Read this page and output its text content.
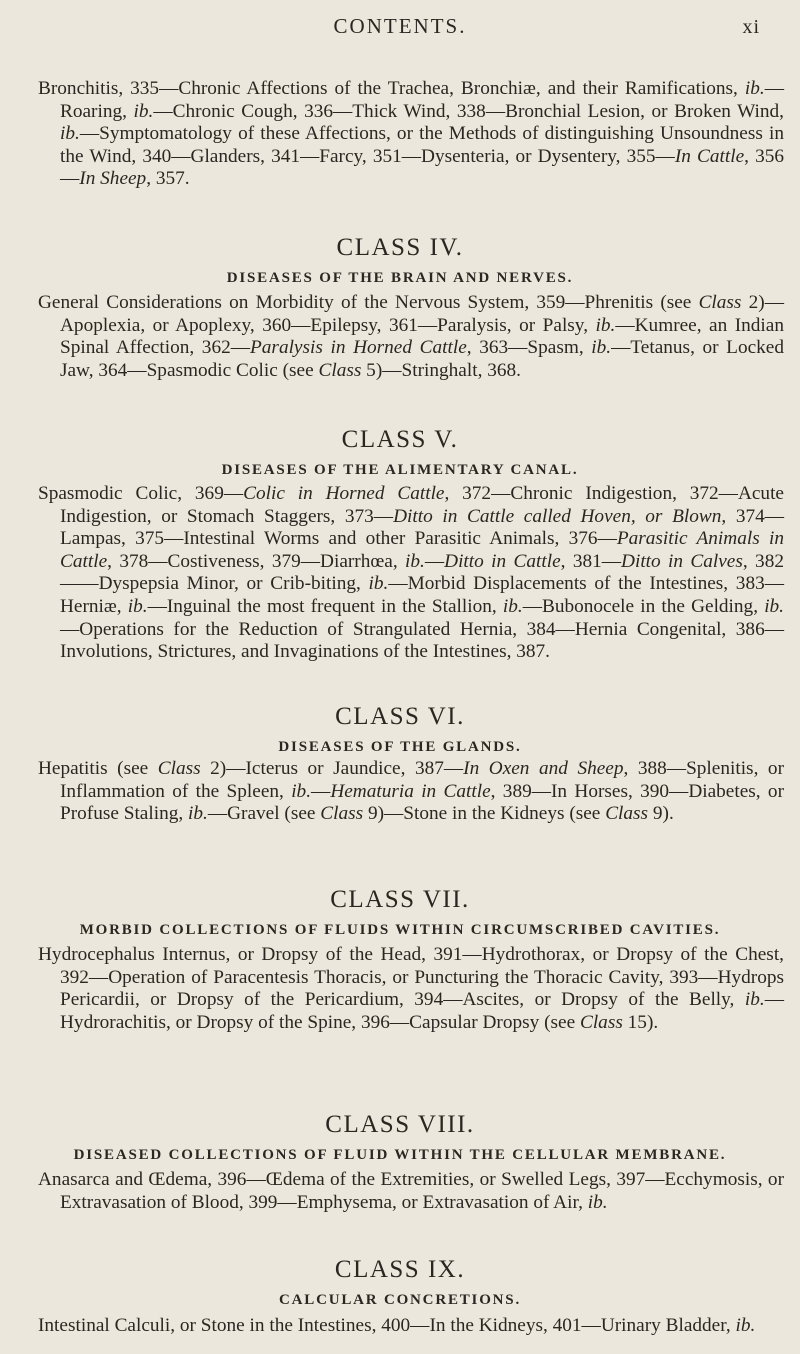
CONTENTS.	xi

Bronchitis, 335—Chronic Affections of the Trachea, Bronchiæ, and their Ramifications, ib.—Roaring, ib.—Chronic Cough, 336—Thick Wind, 338—Bronchial Lesion, or Broken Wind, ib.—Symptomatology of these Affections, or the Methods of distinguishing Unsoundness in the Wind, 340—Glanders, 341—Farcy, 351—Dysenteria, or Dysentery, 355—In Cattle, 356—In Sheep, 357.

CLASS IV.
DISEASES OF THE BRAIN AND NERVES.

General Considerations on Morbidity of the Nervous System, 359—Phrenitis (see Class 2)—Apoplexia, or Apoplexy, 360—Epilepsy, 361—Paralysis, or Palsy, ib.—Kumree, an Indian Spinal Affection, 362—Paralysis in Horned Cattle, 363—Spasm, ib.—Tetanus, or Locked Jaw, 364—Spasmodic Colic (see Class 5)—Stringhalt, 368.

CLASS V.
DISEASES OF THE ALIMENTARY CANAL.

Spasmodic Colic, 369—Colic in Horned Cattle, 372—Chronic Indigestion, 372—Acute Indigestion, or Stomach Staggers, 373—Ditto in Cattle called Hoven, or Blown, 374—Lampas, 375—Intestinal Worms and other Parasitic Animals, 376—Parasitic Animals in Cattle, 378—Costiveness, 379—Diarrhœa, ib.—Ditto in Cattle, 381—Ditto in Calves, 382——Dyspepsia Minor, or Crib-biting, ib.—Morbid Displacements of the Intestines, 383—Herniæ, ib.—Inguinal the most frequent in the Stallion, ib.—Bubonocele in the Gelding, ib.—Operations for the Reduction of Strangulated Hernia, 384—Hernia Congenital, 386—Involutions, Strictures, and Invaginations of the Intestines, 387.

CLASS VI.
DISEASES OF THE GLANDS.

Hepatitis (see Class 2)—Icterus or Jaundice, 387—In Oxen and Sheep, 388—Splenitis, or Inflammation of the Spleen, ib.—Hematuria in Cattle, 389—In Horses, 390—Diabetes, or Profuse Staling, ib.—Gravel (see Class 9)—Stone in the Kidneys (see Class 9).

CLASS VII.
MORBID COLLECTIONS OF FLUIDS WITHIN CIRCUMSCRIBED CAVITIES.

Hydrocephalus Internus, or Dropsy of the Head, 391—Hydrothorax, or Dropsy of the Chest, 392—Operation of Paracentesis Thoracis, or Puncturing the Thoracic Cavity, 393—Hydrops Pericardii, or Dropsy of the Pericardium, 394—Ascites, or Dropsy of the Belly, ib.—Hydrorachitis, or Dropsy of the Spine, 396—Capsular Dropsy (see Class 15).

CLASS VIII.
DISEASED COLLECTIONS OF FLUID WITHIN THE CELLULAR MEMBRANE.

Anasarca and Œdema, 396—Œdema of the Extremities, or Swelled Legs, 397—Ecchymosis, or Extravasation of Blood, 399—Emphysema, or Extravasation of Air, ib.

CLASS IX.
CALCULAR CONCRETIONS.

Intestinal Calculi, or Stone in the Intestines, 400—In the Kidneys, 401—Urinary Bladder, ib.
